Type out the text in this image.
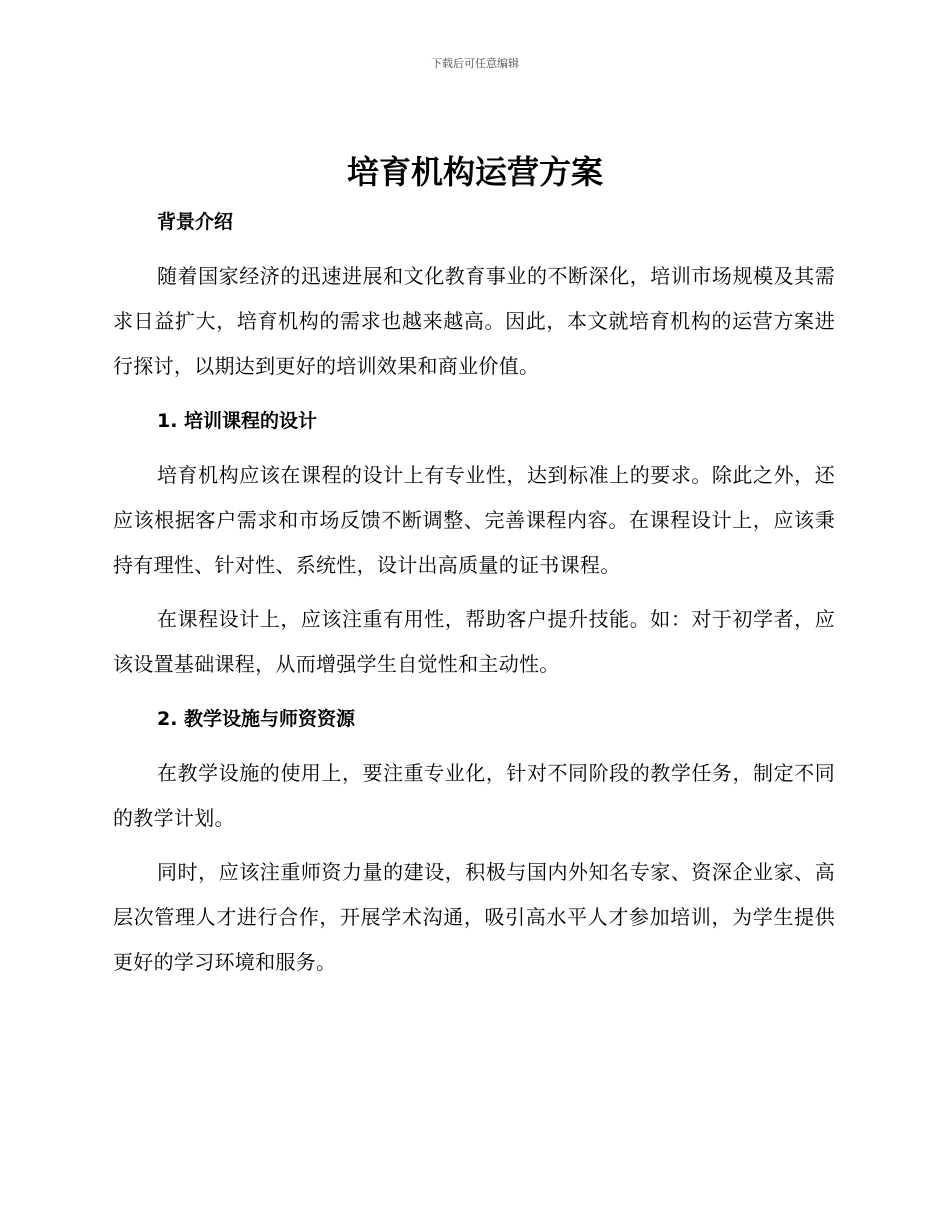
下载后可任意编辑
培育机构运营方案
背景介绍

随着国家经济的迅速进展和文化教育事业的不断深化，培训市场规模及其需求日益扩大，培育机构的需求也越来越高。因此，本文就培育机构的运营方案进行探讨，以期达到更好的培训效果和商业价值。

1. 培训课程的设计

培育机构应该在课程的设计上有专业性，达到标准上的要求。除此之外，还应该根据客户需求和市场反馈不断调整、完善课程内容。在课程设计上，应该秉持有理性、针对性、系统性，设计出高质量的证书课程。

在课程设计上，应该注重有用性，帮助客户提升技能。如：对于初学者，应该设置基础课程，从而增强学生自觉性和主动性。

2. 教学设施与师资资源

在教学设施的使用上，要注重专业化，针对不同阶段的教学任务，制定不同的教学计划。

同时，应该注重师资力量的建设，积极与国内外知名专家、资深企业家、高层次管理人才进行合作，开展学术沟通，吸引高水平人才参加培训，为学生提供更好的学习环境和服务。
